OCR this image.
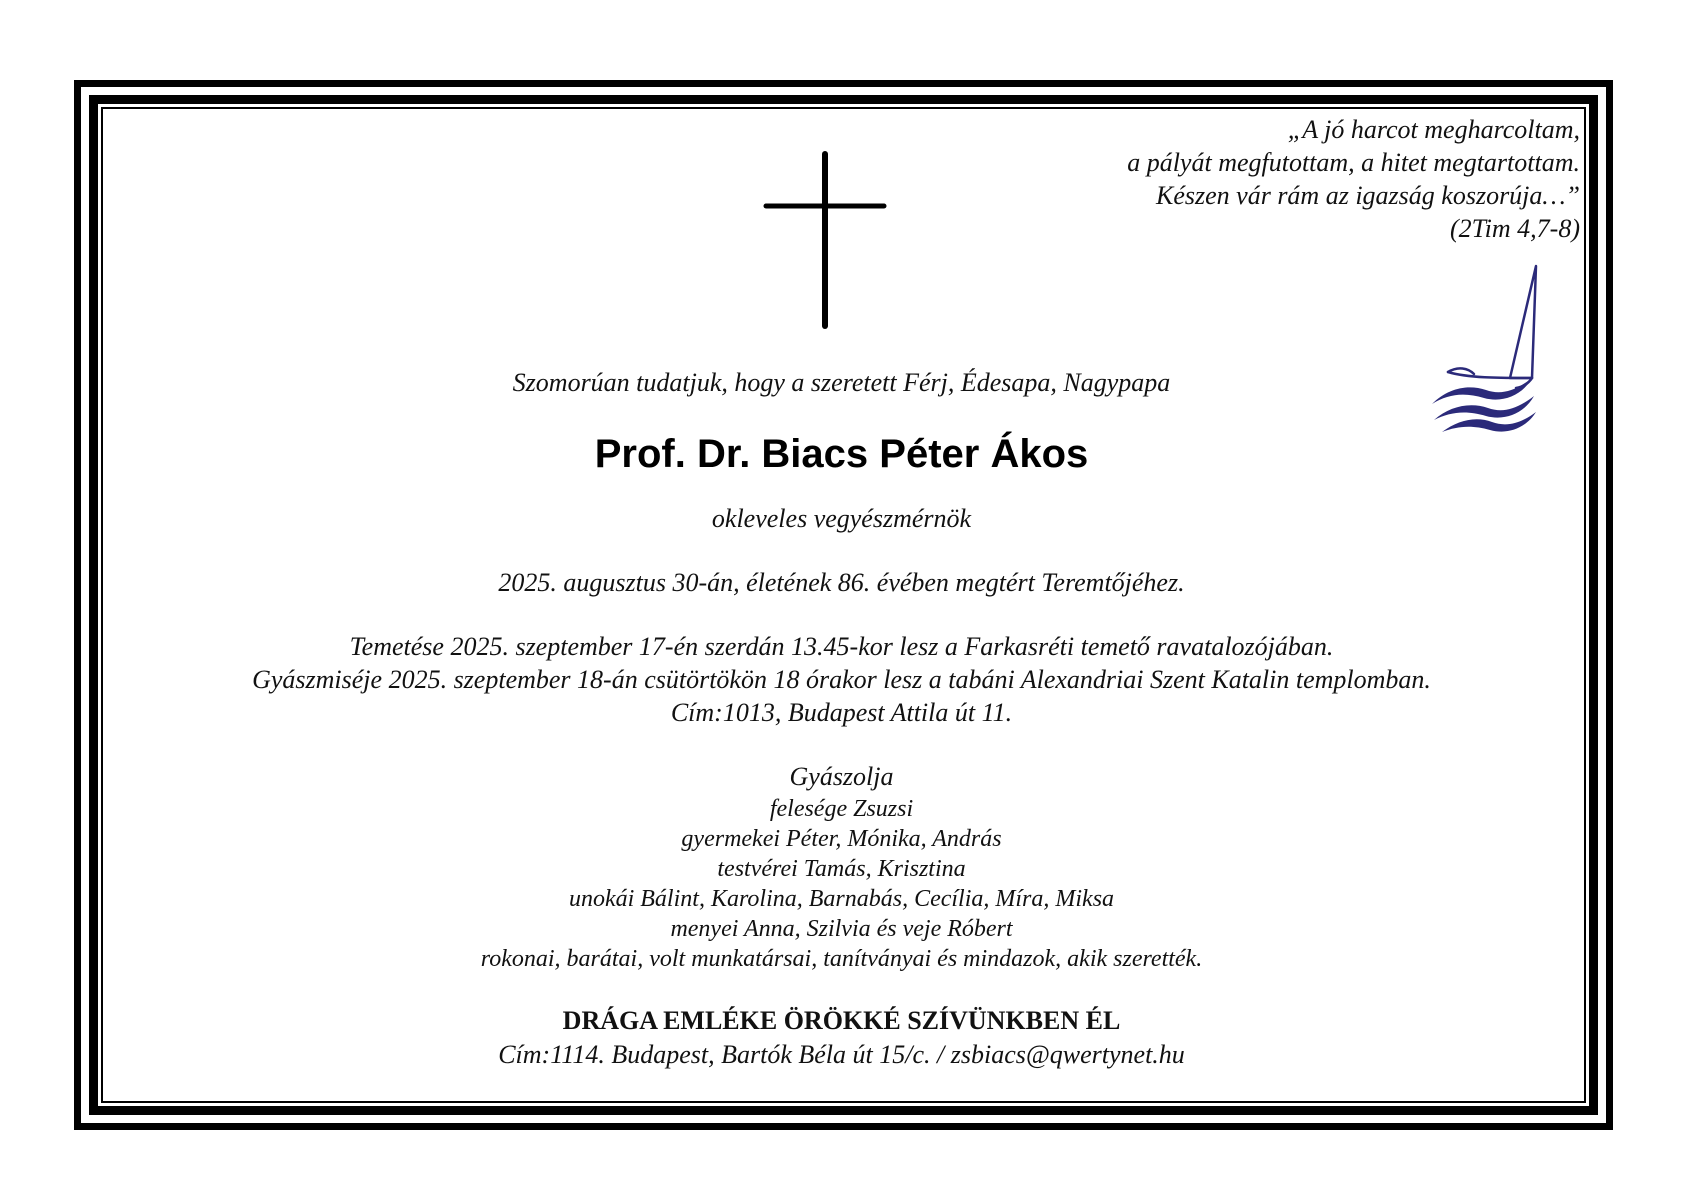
„A jó harcot megharcoltam,
a pályát megfutottam, a hitet megtartottam.
Készen vár rám az igazság koszorúja…”
(2Tim 4,7-8)
Szomorúan tudatjuk, hogy a szeretett Férj, Édesapa, Nagypapa
Prof. Dr. Biacs Péter Ákos
okleveles vegyészmérnök
2025. augusztus 30-án, életének 86. évében megtért Teremtőjéhez.
Temetése 2025. szeptember 17-én szerdán 13.45-kor lesz a Farkasréti temető ravatalozójában.
Gyászmiséje 2025. szeptember 18-án csütörtökön 18 órakor lesz a tabáni Alexandriai Szent Katalin templomban.
Cím:1013, Budapest Attila út 11.
Gyászolja
felesége Zsuzsi
gyermekei Péter, Mónika, András
testvérei Tamás, Krisztina
unokái Bálint, Karolina, Barnabás, Cecília, Míra, Miksa
menyei Anna, Szilvia és veje Róbert
rokonai, barátai, volt munkatársai, tanítványai és mindazok, akik szerették.
DRÁGA EMLÉKE ÖRÖKKÉ SZÍVÜNKBEN ÉL
Cím:1114. Budapest, Bartók Béla út 15/c. / zsbiacs@qwertynet.hu
